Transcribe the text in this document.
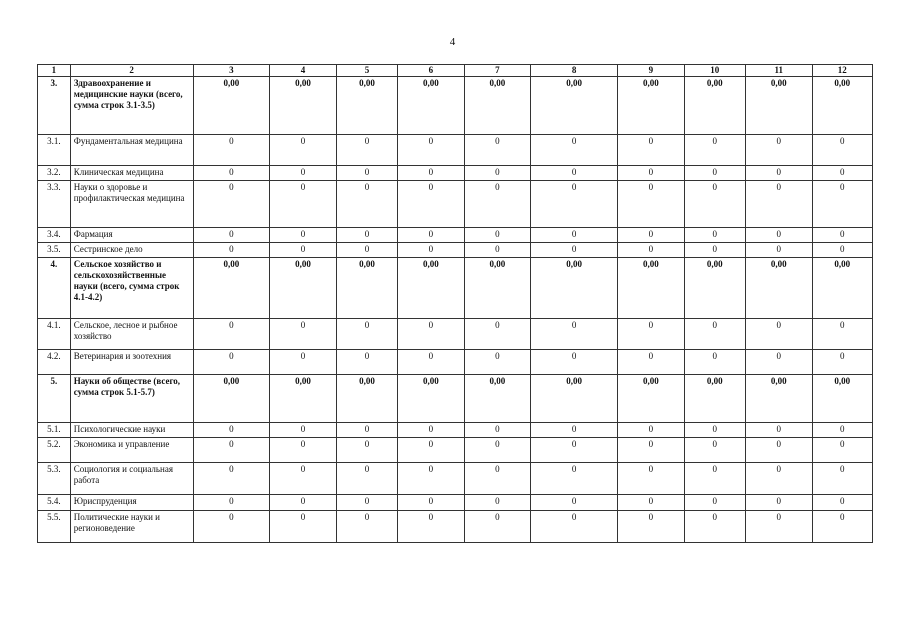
4
1	2	3	4	5	6	7	8	9	10	11	12
3.	Здравоохранение и медицинские науки (всего, сумма строк 3.1-3.5)	0,00	0,00	0,00	0,00	0,00	0,00	0,00	0,00	0,00	0,00
3.1.	Фундаментальная медицина	0	0	0	0	0	0	0	0	0	0
3.2.	Клиническая медицина	0	0	0	0	0	0	0	0	0	0
3.3.	Науки о здоровье и профилактическая медицина	0	0	0	0	0	0	0	0	0	0
3.4.	Фармация	0	0	0	0	0	0	0	0	0	0
3.5.	Сестринское дело	0	0	0	0	0	0	0	0	0	0
4.	Сельское хозяйство и сельскохозяйственные науки (всего, сумма строк 4.1-4.2)	0,00	0,00	0,00	0,00	0,00	0,00	0,00	0,00	0,00	0,00
4.1.	Сельское, лесное и рыбное хозяйство	0	0	0	0	0	0	0	0	0	0
4.2.	Ветеринария и зоотехния	0	0	0	0	0	0	0	0	0	0
5.	Науки об обществе (всего, сумма строк 5.1-5.7)	0,00	0,00	0,00	0,00	0,00	0,00	0,00	0,00	0,00	0,00
5.1.	Психологические науки	0	0	0	0	0	0	0	0	0	0
5.2.	Экономика и управление	0	0	0	0	0	0	0	0	0	0
5.3.	Социология и социальная работа	0	0	0	0	0	0	0	0	0	0
5.4.	Юриспруденция	0	0	0	0	0	0	0	0	0	0
5.5.	Политические науки и регионоведение	0	0	0	0	0	0	0	0	0	0
